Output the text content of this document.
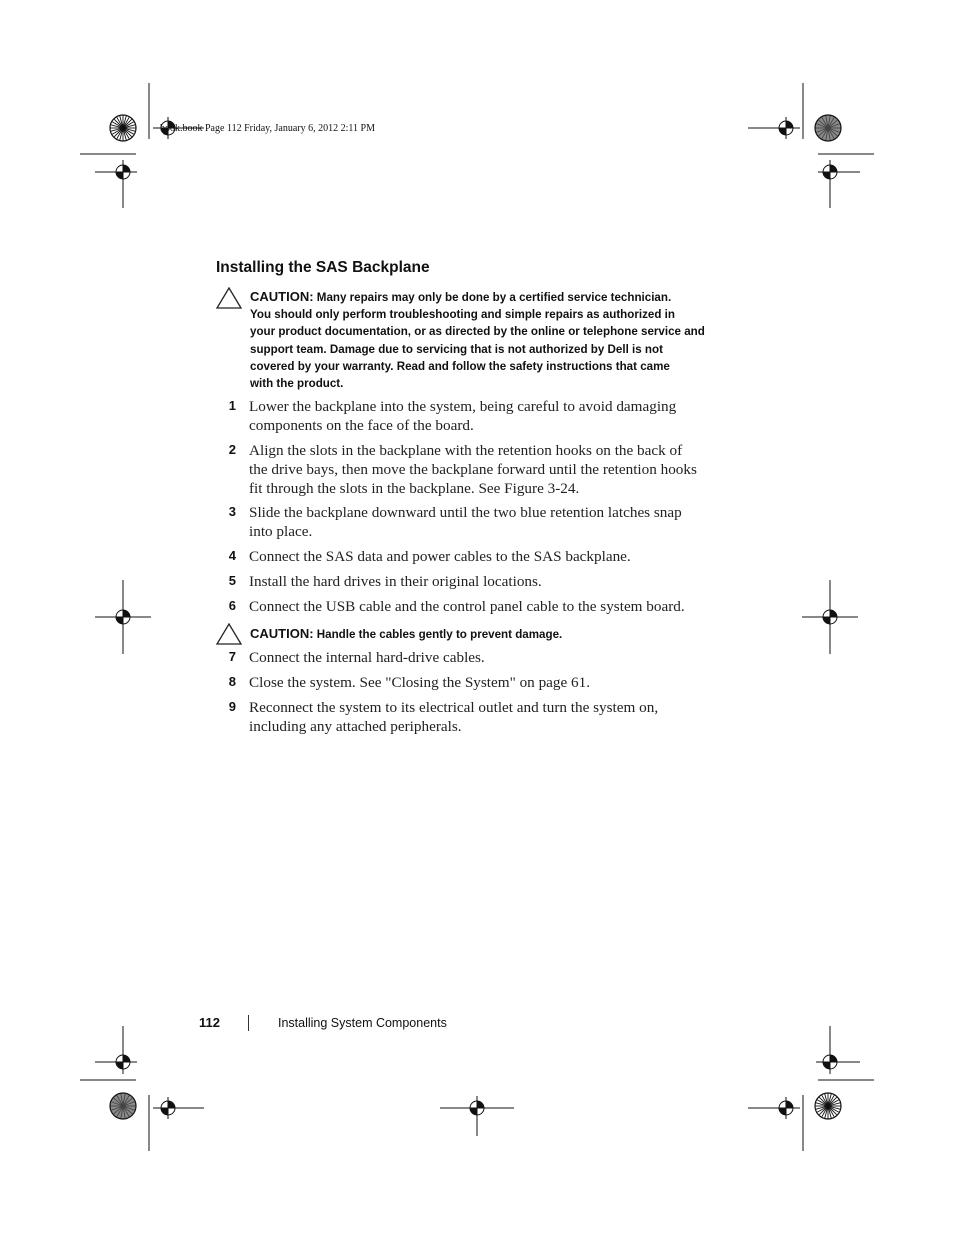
book.book Page 112 Friday, January 6, 2012 2:11 PM
Installing the SAS Backplane
CAUTION: Many repairs may only be done by a certified service technician.
You should only perform troubleshooting and simple repairs as authorized in
your product documentation, or as directed by the online or telephone service and
support team. Damage due to servicing that is not authorized by Dell is not
covered by your warranty. Read and follow the safety instructions that came
with the product.
1 Lower the backplane into the system, being careful to avoid damaging
components on the face of the board.
2 Align the slots in the backplane with the retention hooks on the back of
the drive bays, then move the backplane forward until the retention hooks
fit through the slots in the backplane. See Figure 3-24.
3 Slide the backplane downward until the two blue retention latches snap
into place.
4 Connect the SAS data and power cables to the SAS backplane.
5 Install the hard drives in their original locations.
6 Connect the USB cable and the control panel cable to the system board.
CAUTION: Handle the cables gently to prevent damage.
7 Connect the internal hard-drive cables.
8 Close the system. See "Closing the System" on page 61.
9 Reconnect the system to its electrical outlet and turn the system on,
including any attached peripherals.
112	Installing System Components
